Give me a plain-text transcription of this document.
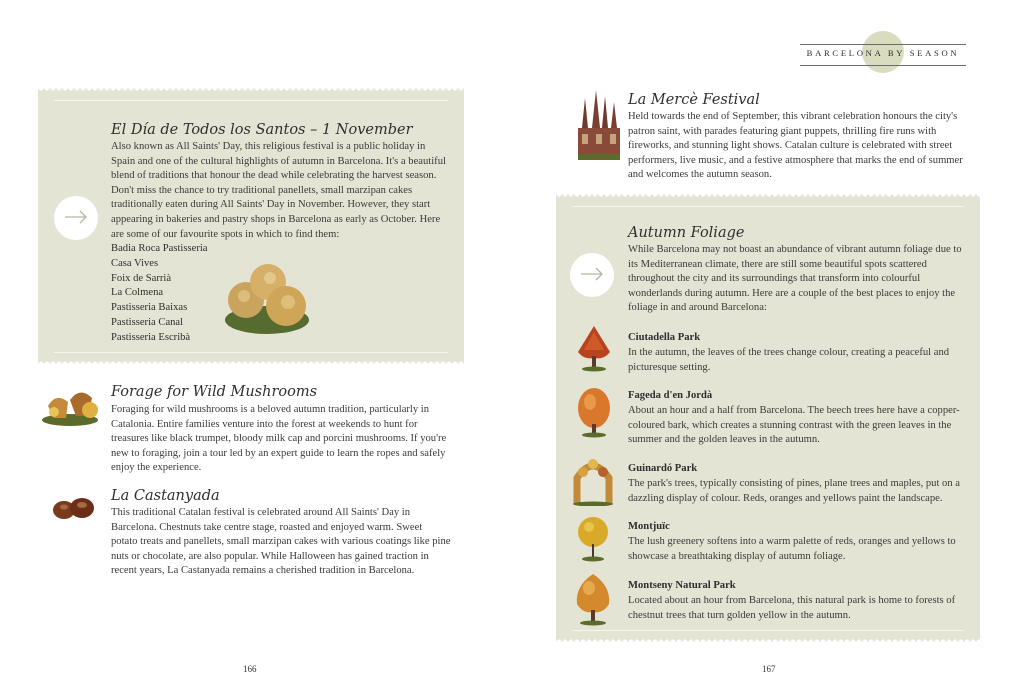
BARCELONA BY SEASON
El Día de Todos los Santos – 1 November

Also known as All Saints' Day, this religious festival is a public holiday in Spain and one of the cultural highlights of autumn in Barcelona. It's a beautiful blend of traditions that honour the dead while celebrating the harvest season. Don't miss the chance to try traditional panellets, small marzipan cakes traditionally eaten during All Saints' Day in November. However, they start appearing in bakeries and pastry shops in Barcelona as early as October. Here are some of our favourite spots in which to find them:

Badia Roca Pastisseria
Casa Vives
Foix de Sarrià
La Colmena
Pastisseria Baixas
Pastisseria Canal
Pastisseria Escribà
Forage for Wild Mushrooms

Foraging for wild mushrooms is a beloved autumn tradition, particularly in Catalonia. Entire families venture into the forest at weekends to hunt for treasures like black trumpet, bloody milk cap and porcini mushrooms. If you're new to foraging, join a tour led by an expert guide to learn the ropes and safely enjoy the experience.

La Castanyada

This traditional Catalan festival is celebrated around All Saints' Day in Barcelona. Chestnuts take centre stage, roasted and enjoyed warm. Sweet potato treats and panellets, small marzipan cakes with various coatings like pine nuts or chocolate, are also popular. While Halloween has gained traction in recent years, La Castanyada remains a cherished tradition in Barcelona.

166
La Mercè Festival

Held towards the end of September, this vibrant celebration honours the city's patron saint, with parades featuring giant puppets, thrilling fire runs with fireworks, and stunning light shows. Catalan culture is celebrated with street performers, live music, and a festive atmosphere that marks the end of summer and welcomes the autumn season.

Autumn Foliage

While Barcelona may not boast an abundance of vibrant autumn foliage due to its Mediterranean climate, there are still some beautiful spots scattered throughout the city and its surroundings that transform into colourful wonderlands during autumn. Here are a couple of the best places to enjoy the foliage in and around Barcelona:

Ciutadella Park

In the autumn, the leaves of the trees change colour, creating a peaceful and picturesque setting.

Fageda d'en Jordà

About an hour and a half from Barcelona. The beech trees here have a copper- coloured bark, which creates a stunning contrast with the green leaves in the summer and the golden leaves in the autumn.

Guinardó Park

The park's trees, typically consisting of pines, plane trees and maples, put on a dazzling display of colour. Reds, oranges and yellows paint the landscape.

Montjuïc

The lush greenery softens into a warm palette of reds, oranges and yellows to showcase a breathtaking display of autumn foliage.

Montseny Natural Park

Located about an hour from Barcelona, this natural park is home to forests of chestnut trees that turn golden yellow in the autumn.

167
